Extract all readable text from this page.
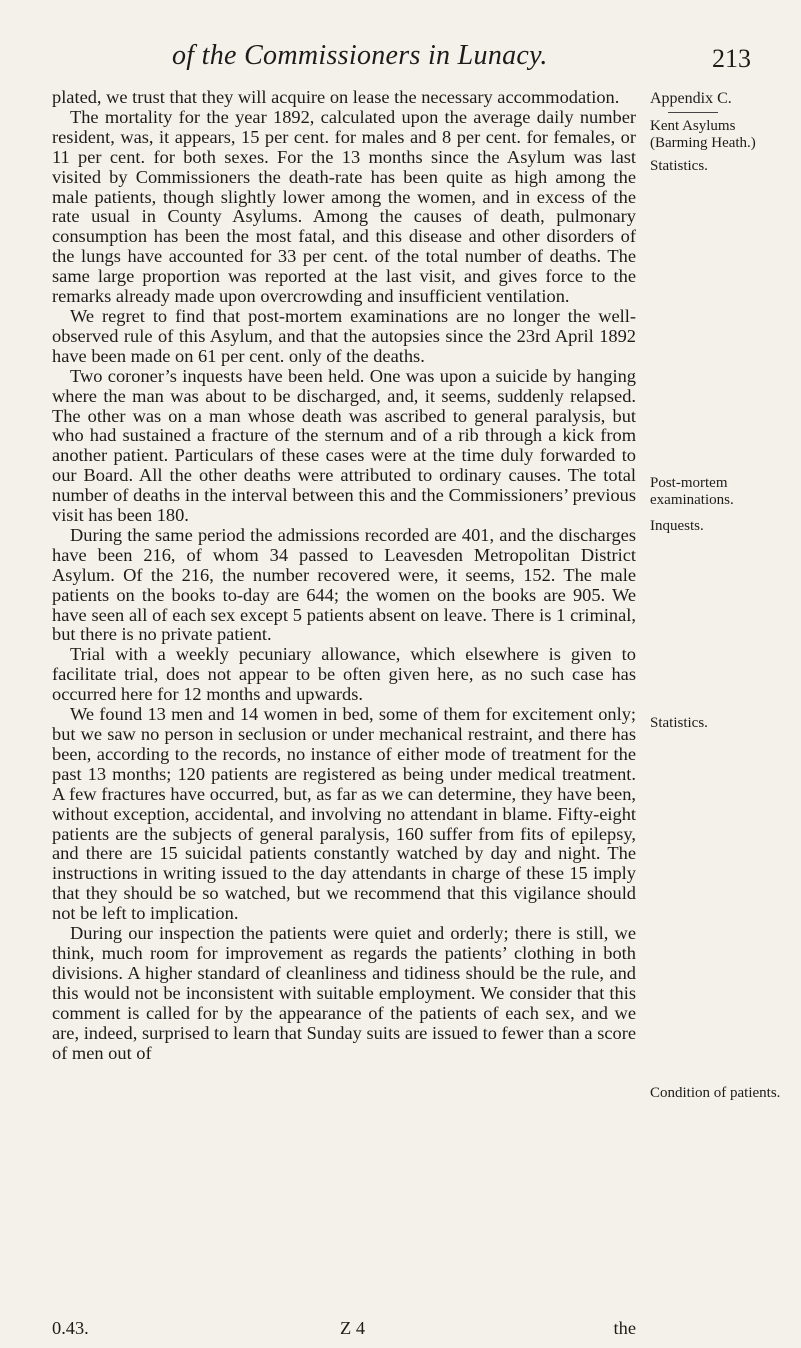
of the Commissioners in Lunacy.	213
Appendix C.
Kent Asylums (Barming Heath.)
Statistics.
Post-mortem examinations.
Inquests.
Statistics.
Condition of patients.

plated, we trust that they will acquire on lease the necessary accommodation.

The mortality for the year 1892, calculated upon the average daily number resident, was, it appears, 15 per cent. for males and 8 per cent. for females, or 11 per cent. for both sexes. For the 13 months since the Asylum was last visited by Commissioners the death-rate has been quite as high among the male patients, though slightly lower among the women, and in excess of the rate usual in County Asylums. Among the causes of death, pulmonary consumption has been the most fatal, and this disease and other disorders of the lungs have accounted for 33 per cent. of the total number of deaths. The same large proportion was reported at the last visit, and gives force to the remarks already made upon overcrowding and insufficient ventilation.

We regret to find that post-mortem examinations are no longer the well-observed rule of this Asylum, and that the autopsies since the 23rd April 1892 have been made on 61 per cent. only of the deaths.

Two coroner’s inquests have been held. One was upon a suicide by hanging where the man was about to be discharged, and, it seems, suddenly relapsed. The other was on a man whose death was ascribed to general paralysis, but who had sustained a fracture of the sternum and of a rib through a kick from another patient. Particulars of these cases were at the time duly forwarded to our Board. All the other deaths were attributed to ordinary causes. The total number of deaths in the interval between this and the Commissioners’ previous visit has been 180.

During the same period the admissions recorded are 401, and the discharges have been 216, of whom 34 passed to Leavesden Metropolitan District Asylum. Of the 216, the number recovered were, it seems, 152. The male patients on the books to-day are 644; the women on the books are 905. We have seen all of each sex except 5 patients absent on leave. There is 1 criminal, but there is no private patient.

Trial with a weekly pecuniary allowance, which elsewhere is given to facilitate trial, does not appear to be often given here, as no such case has occurred here for 12 months and upwards.

We found 13 men and 14 women in bed, some of them for excitement only; but we saw no person in seclusion or under mechanical restraint, and there has been, according to the records, no instance of either mode of treatment for the past 13 months; 120 patients are registered as being under medical treatment. A few fractures have occurred, but, as far as we can determine, they have been, without exception, accidental, and involving no attendant in blame. Fifty-eight patients are the subjects of general paralysis, 160 suffer from fits of epilepsy, and there are 15 suicidal patients constantly watched by day and night. The instructions in writing issued to the day attendants in charge of these 15 imply that they should be so watched, but we recommend that this vigilance should not be left to implication.

During our inspection the patients were quiet and orderly; there is still, we think, much room for improvement as regards the patients’ clothing in both divisions. A higher standard of cleanliness and tidiness should be the rule, and this would not be inconsistent with suitable employment. We consider that this comment is called for by the appearance of the patients of each sex, and we are, indeed, surprised to learn that Sunday suits are issued to fewer than a score of men out of

0.43.	Z 4	the
